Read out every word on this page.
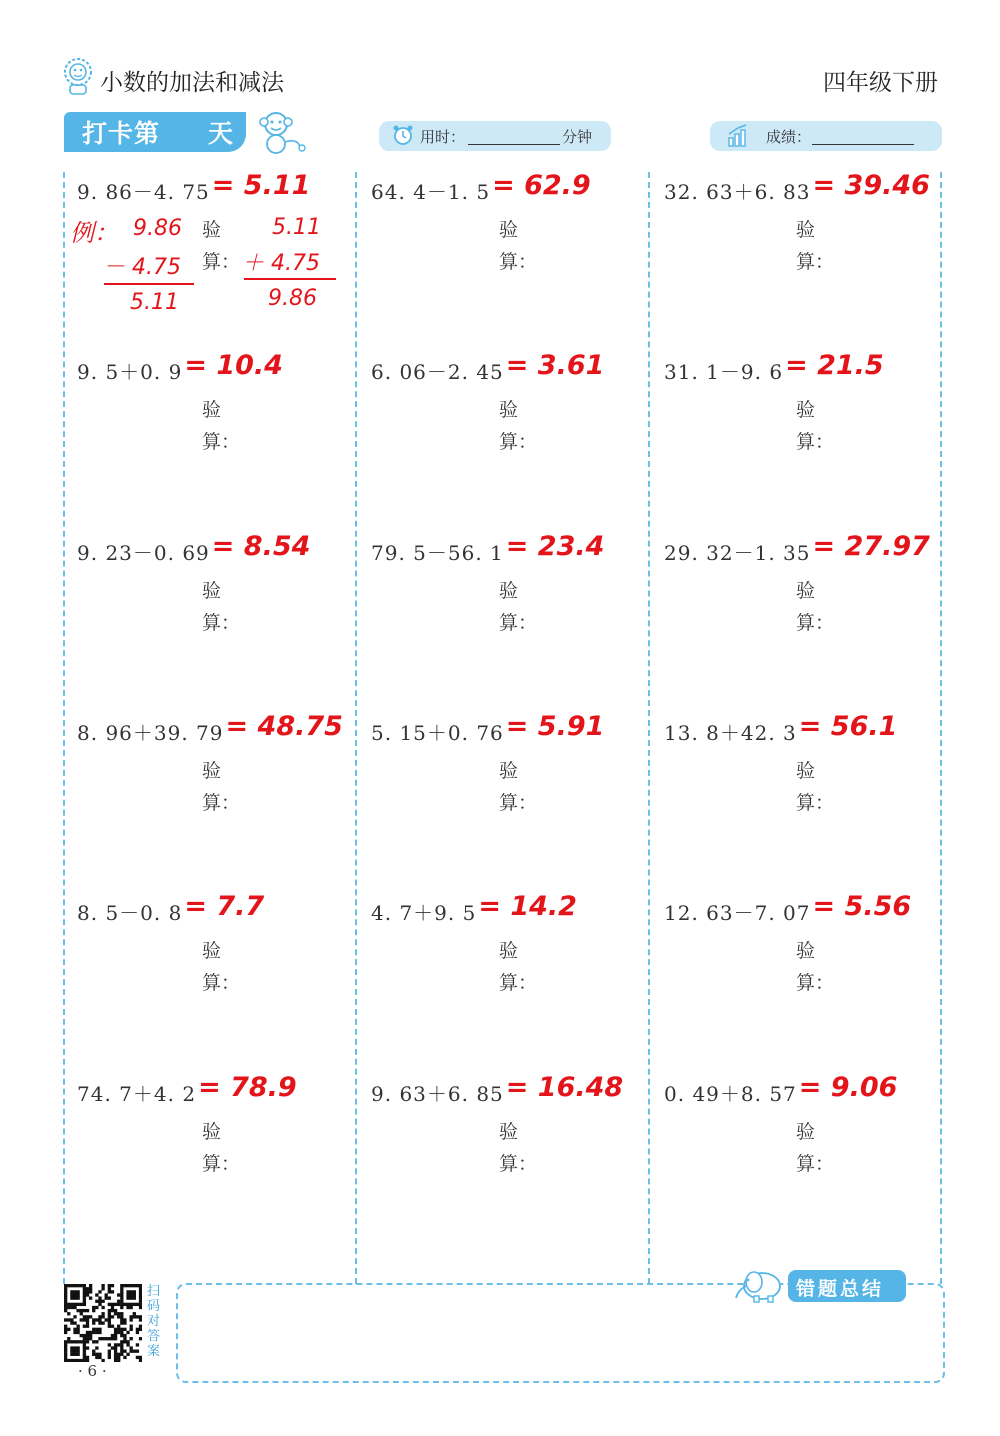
小数的加法和减法	四年级下册
打卡第 天	用时：	分钟	成绩：
9. 86－4. 75 = 5.11
验
算：
64. 4－1. 5 = 62.9
验
算：
32. 63＋6. 83 = 39.46
验
算：
9. 5＋0. 9 = 10.4
验
算：
6. 06－2. 45 = 3.61
验
算：
31. 1－9. 6 = 21.5
验
算：
9. 23－0. 69 = 8.54
验
算：
79. 5－56. 1 = 23.4
验
算：
29. 32－1. 35 = 27.97
验
算：
8. 96＋39. 79 = 48.75
验
算：
5. 15＋0. 76 = 5.91
验
算：
13. 8＋42. 3 = 56.1
验
算：
8. 5－0. 8 = 7.7
验
算：
4. 7＋9. 5 = 14.2
验
算：
12. 63－7. 07 = 5.56
验
算：
74. 7＋4. 2 = 78.9
验
算：
9. 63＋6. 85 = 16.48
验
算：
0. 49＋8. 57 = 9.06
验
算：
例： 9.86
－ 4.75
5.11
5.11
＋ 4.75
9.86
错题总结
扫码对答案
· 6 ·
